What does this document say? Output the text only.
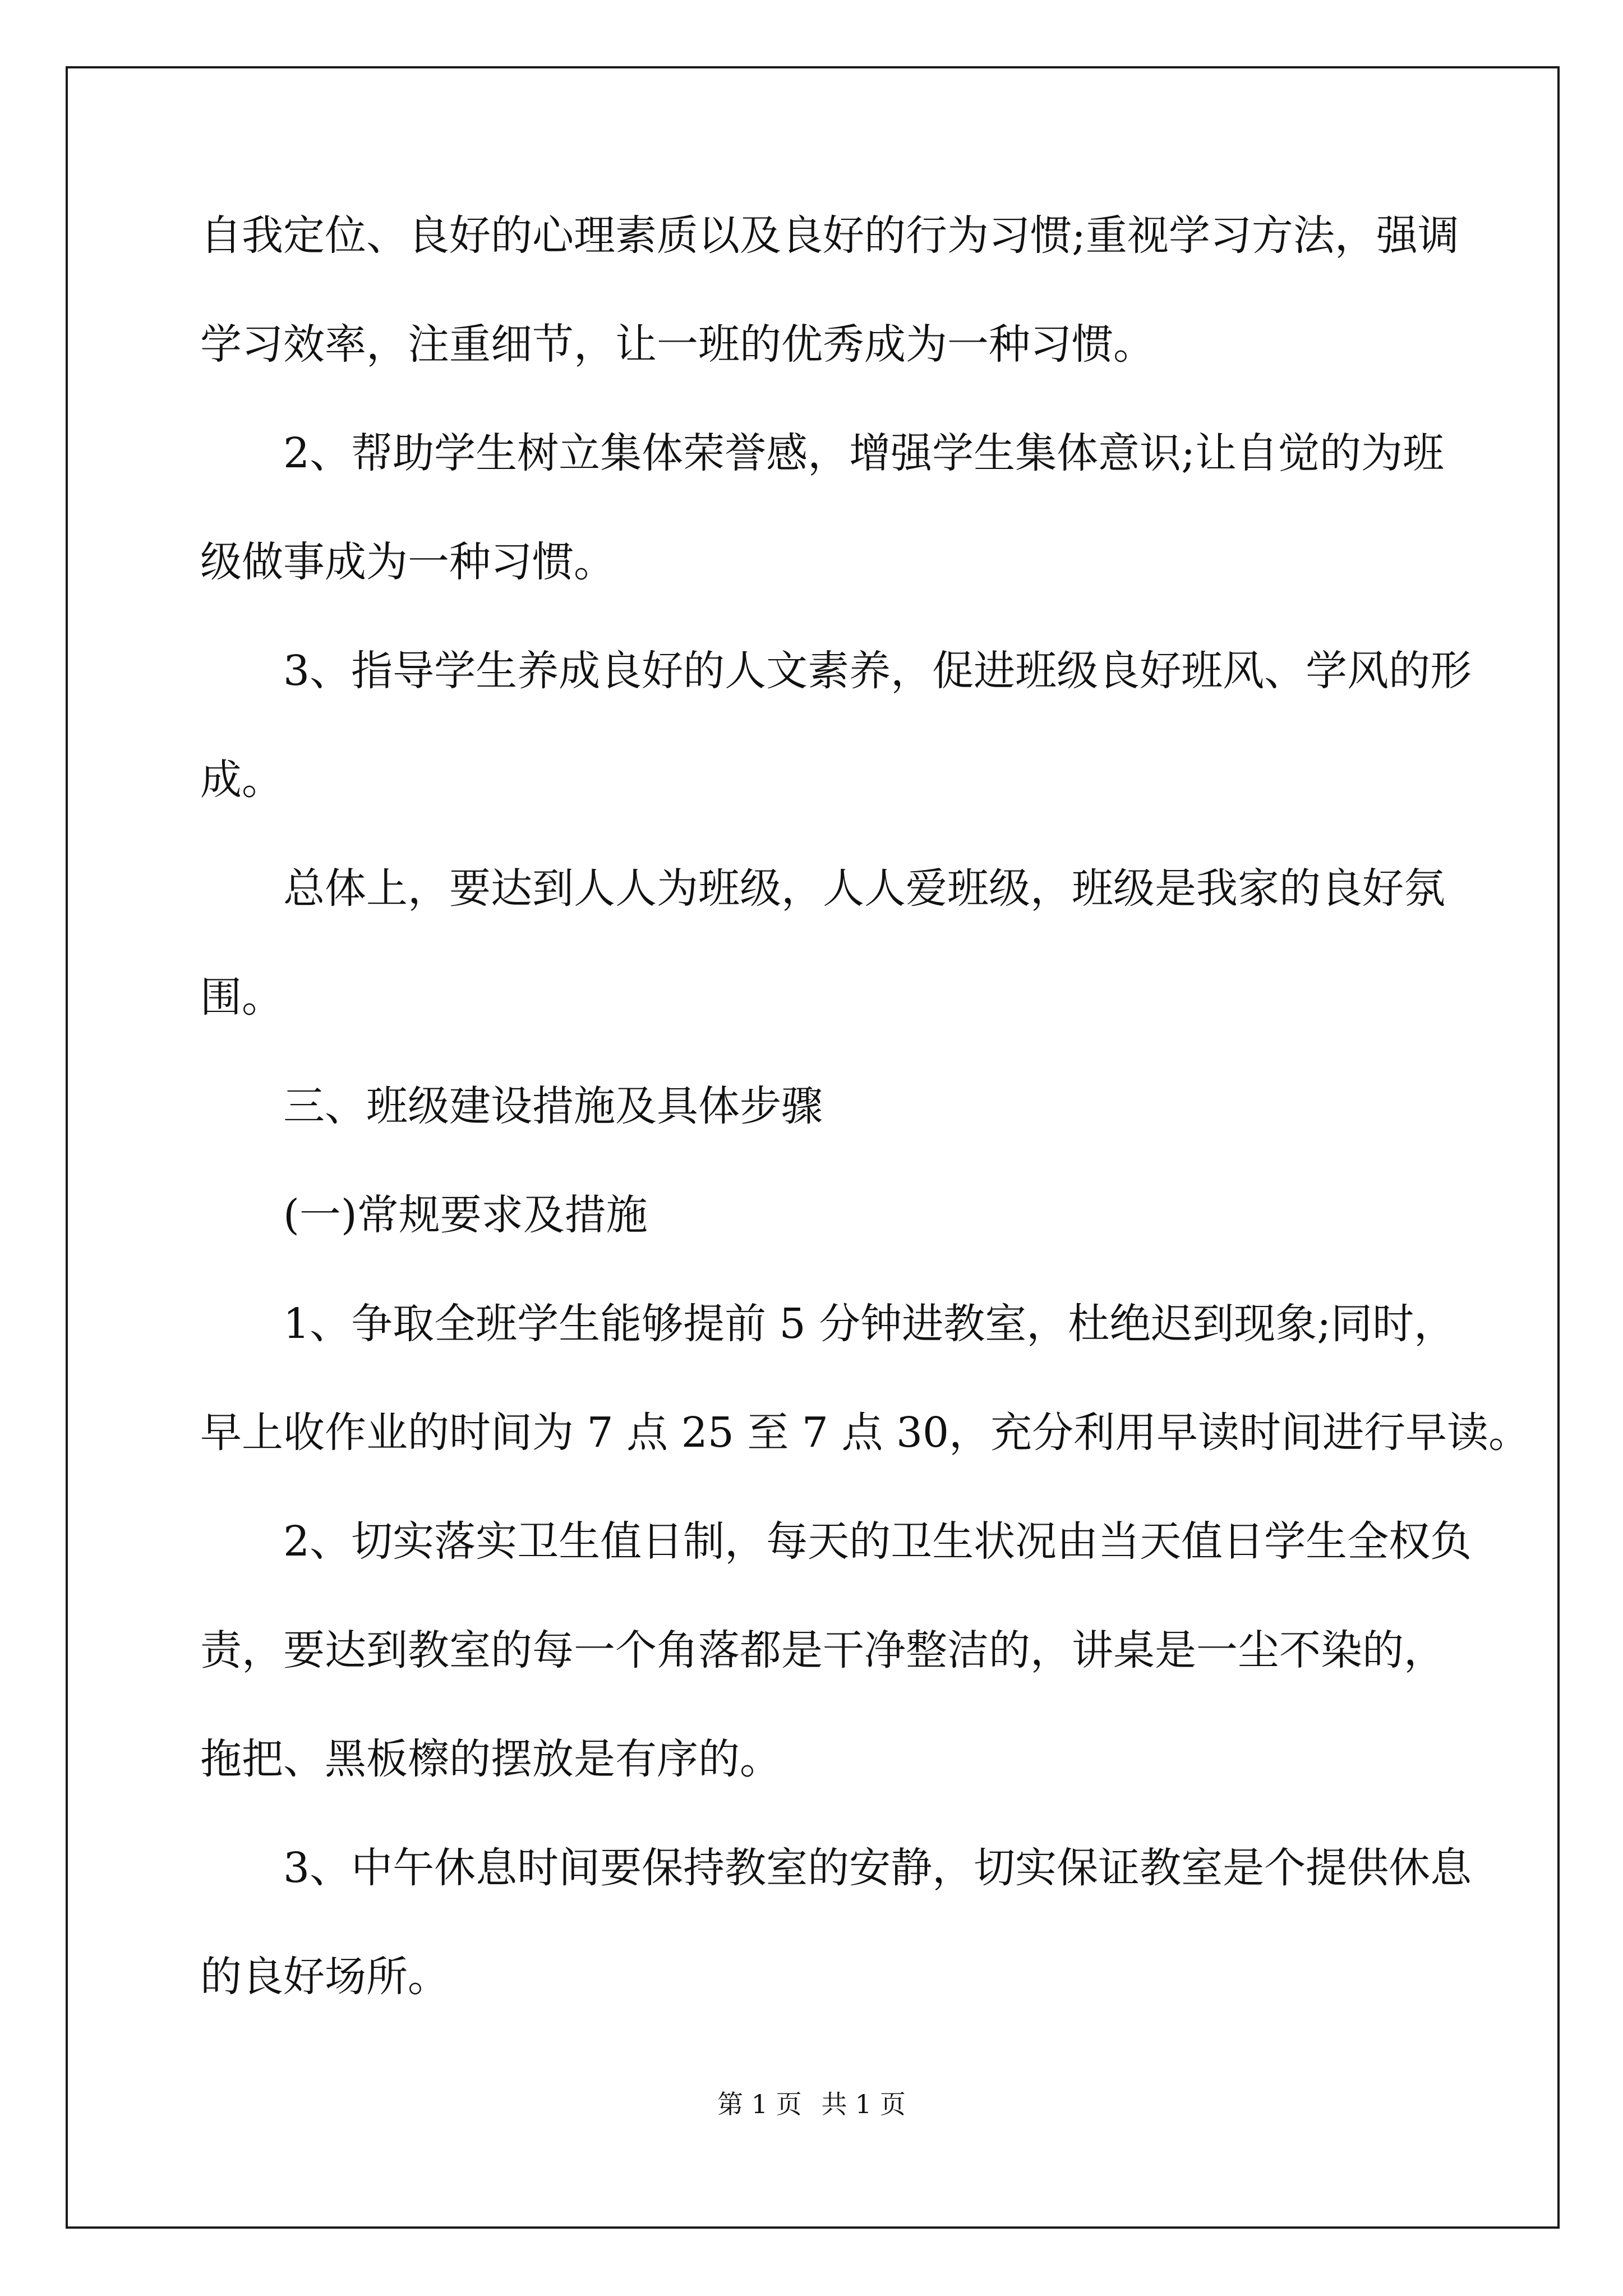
自我定位、良好的心理素质以及良好的行为习惯;重视学习方法，强调
学习效率，注重细节，让一班的优秀成为一种习惯。
2、帮助学生树立集体荣誉感，增强学生集体意识;让自觉的为班
级做事成为一种习惯。
3、指导学生养成良好的人文素养，促进班级良好班风、学风的形
成。
总体上，要达到人人为班级，人人爱班级，班级是我家的良好氛
围。
三、班级建设措施及具体步骤
(一)常规要求及措施
1、争取全班学生能够提前 5 分钟进教室，杜绝迟到现象;同时，
早上收作业的时间为 7 点 25 至 7 点 30，充分利用早读时间进行早读。
2、切实落实卫生值日制，每天的卫生状况由当天值日学生全权负
责，要达到教室的每一个角落都是干净整洁的，讲桌是一尘不染的，
拖把、黑板檫的摆放是有序的。
3、中午休息时间要保持教室的安静，切实保证教室是个提供休息
的良好场所。
第 1 页 共 1 页
